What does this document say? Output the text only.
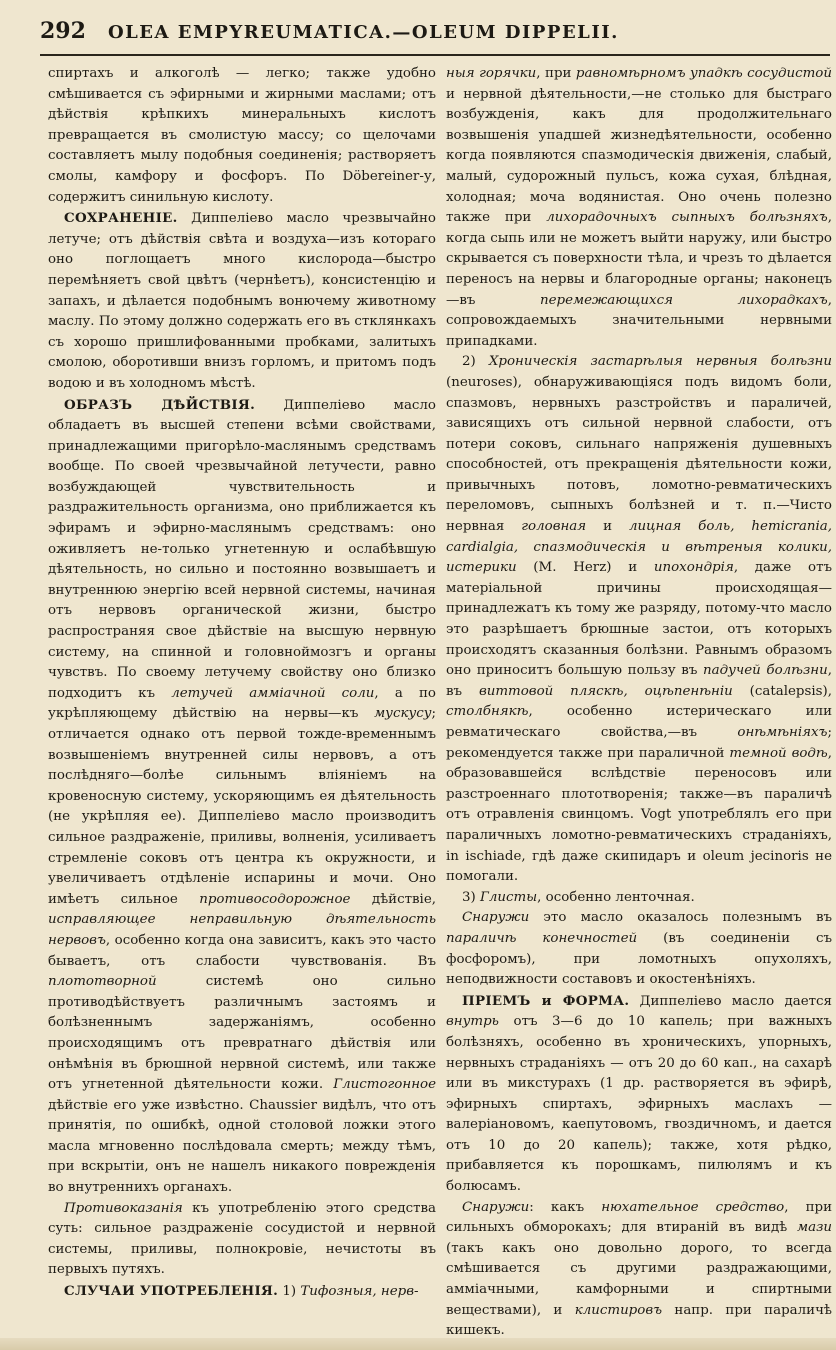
292 OLEA EMPYREUMATICA.—OLEUM DIPPELII.

спиртахъ и алкоголѣ — легко; также удобно смѣшивается съ эфирными и жирными маслами; отъ дѣйствія крѣпкихъ минеральныхъ кислотъ превращается въ смолистую массу; со щелочами составляетъ мылу подобныя соединенія; растворяетъ смолы, камфору и фосфоръ. По Döbereiner-у, содержитъ синильную кислоту.

СОХРАНЕНІЕ. Диппеліево масло чрезвычайно летуче; отъ дѣйствія свѣта и воздуха—изъ котораго оно поглощаетъ много кислорода—быстро перемѣняетъ свой цвѣтъ (чернѣетъ), консистенцію и запахъ, и дѣлается подобнымъ вонючему животному маслу. По этому должно содержать его въ стклянкахъ съ хорошо пришлифованными пробками, залитыхъ смолою, оборотивши внизъ горломъ, и притомъ подъ водою и въ холодномъ мѣстѣ.

ОБРАЗЪ ДѢЙСТВІЯ. Диппеліево масло обладаетъ въ высшей степени всѣми свойствами, принадлежащими пригорѣло-маслянымъ средствамъ вообще. По своей чрезвычайной летучести, равно возбуждающей чувствительность и раздражительность организма, оно приближается къ эфирамъ и эфирно-маслянымъ средствамъ: оно оживляетъ не-только угнетенную и ослабѣвшую дѣятельность, но сильно и постоянно возвышаетъ и внутреннюю энергію всей нервной системы, начиная отъ нервовъ органической жизни, быстро распространяя свое дѣйствіе на высшую нервную систему, на спинной и головноймозгъ и органы чувствъ. По своему летучему свойству оно близко подходитъ къ летучей аммiачной соли, а по укрѣпляющему дѣйствію на нервы—къ мускусу; отличается однако отъ первой тожде-временнымъ возвышеніемъ внутренней силы нервовъ, а отъ послѣдняго—болѣе сильнымъ вліяніемъ на кровеносную систему, ускоряющимъ ея дѣятельность (не укрѣпляя ее). Диппеліево масло производитъ сильное раздраженіе, приливы, волненія, усиливаетъ стремленіе соковъ отъ центра къ окружности, и увеличиваетъ отдѣленіе испарины и мочи. Оно имѣетъ сильное противосодорожное дѣйствіе, исправляющее неправильную дѣятельность нервовъ, особенно когда она зависитъ, какъ это часто бываетъ, отъ слабости чувствованія. Въ плототворной системѣ оно сильно противодѣйствуетъ различнымъ застоямъ и болѣзненнымъ задержаніямъ, особенно происходящимъ отъ превратнаго дѣйствія или онѣмѣнія въ брюшной нервной системѣ, или также отъ угнетенной дѣятельности кожи. Глистогонное дѣйствіе его уже извѣстно. Chaussier видѣлъ, что отъ принятія, по ошибкѣ, одной столовой ложки этого масла мгновенно послѣдовала смерть; между тѣмъ, при вскрытіи, онъ не нашелъ никакого поврежденія во внутреннихъ органахъ.

Противоказанія къ употребленію этого средства суть: сильное раздраженіе сосудистой и нервной системы, приливы, полнокровіе, нечистоты въ первыхъ путяхъ.

СЛУЧАИ УПОТРЕБЛЕНІЯ. 1) Тифозныя, нерв-

ныя горячки, при равномѣрномъ упадкѣ сосудистой и нервной дѣятельности,—не столько для быстраго возбужденія, какъ для продолжительнаго возвышенія упадшей жизнедѣятельности, особенно когда появляются спазмодическія движенія, слабый, малый, судорожный пульсъ, кожа сухая, блѣдная, холодная; моча водянистая. Оно очень полезно также при лихорадочныхъ сыпныхъ болѣзняхъ, когда сыпь или не можетъ выйти наружу, или быстро скрывается съ поверхности тѣла, и чрезъ то дѣлается переносъ на нервы и благородные органы; наконецъ—въ перемежающихся лихорадкахъ, сопровождаемыхъ значительными нервными припадками.

2) Хроническія застарѣлыя нервныя болѣзни (neuroses), обнаруживающіяся подъ видомъ боли, спазмовъ, нервныхъ разстройствъ и параличей, зависящихъ отъ сильной нервной слабости, отъ потери соковъ, сильнаго напряженія душевныхъ способностей, отъ прекращенія дѣятельности кожи, привычныхъ потовъ, ломотно-ревматическихъ переломовъ, сыпныхъ болѣзней и т. п.—Чисто нервная головная и лицная боль, hemicrania, cardialgia, спазмодическія и вѣтреныя колики, истерики (M. Herz) и ипохондрія, даже отъ матеріальной причины происходящая—принадлежатъ къ тому же разряду, потому-что масло это разрѣшаетъ брюшные застои, отъ которыхъ происходятъ сказанныя болѣзни. Равнымъ образомъ оно приноситъ большую пользу въ падучей болѣзни, въ виттовой пляскѣ, оцѣпенѣніи (catalepsis), столбнякѣ, особенно истерическаго или ревматическаго свойства,—въ онѣмѣніяхъ; рекомендуется также при параличной темной водѣ, образовавшейся вслѣдствіе переносовъ или разстроеннаго плототворенія; также—въ параличѣ отъ отравленія свинцомъ. Vogt употреблялъ его при параличныхъ ломотно-ревматическихъ страданіяхъ, in ischiade, гдѣ даже скипидаръ и oleum jecinoris не помогали.

3) Глисты, особенно ленточная.

Снаружи это масло оказалось полезнымъ въ параличѣ конечностей (въ соединеніи съ фосфоромъ), при ломотныхъ опухоляхъ, неподвижности составовъ и окостенѣніяхъ.

ПРІЕМЪ и ФОРМА. Диппеліево масло дается внутрь отъ 3—6 до 10 капель; при важныхъ болѣзняхъ, особенно въ хроническихъ, упорныхъ, нервныхъ страданіяхъ — отъ 20 до 60 кап., на сахарѣ или въ микстурахъ (1 др. растворяется въ эфирѣ, эфирныхъ спиртахъ, эфирныхъ маслахъ — валеріановомъ, каепутовомъ, гвоздичномъ, и дается отъ 10 до 20 капель); также, хотя рѣдко, прибавляется къ порошкамъ, пилюлямъ и къ болюсамъ.

Снаружи: какъ нюхательное средство, при сильныхъ обморокахъ; для втираній въ видѣ мази (такъ какъ оно довольно дорого, то всегда смѣшивается съ другими раздражающими, аммiачными, камфорными и спиртными веществами), и клистировъ напр. при параличѣ кишекъ.
